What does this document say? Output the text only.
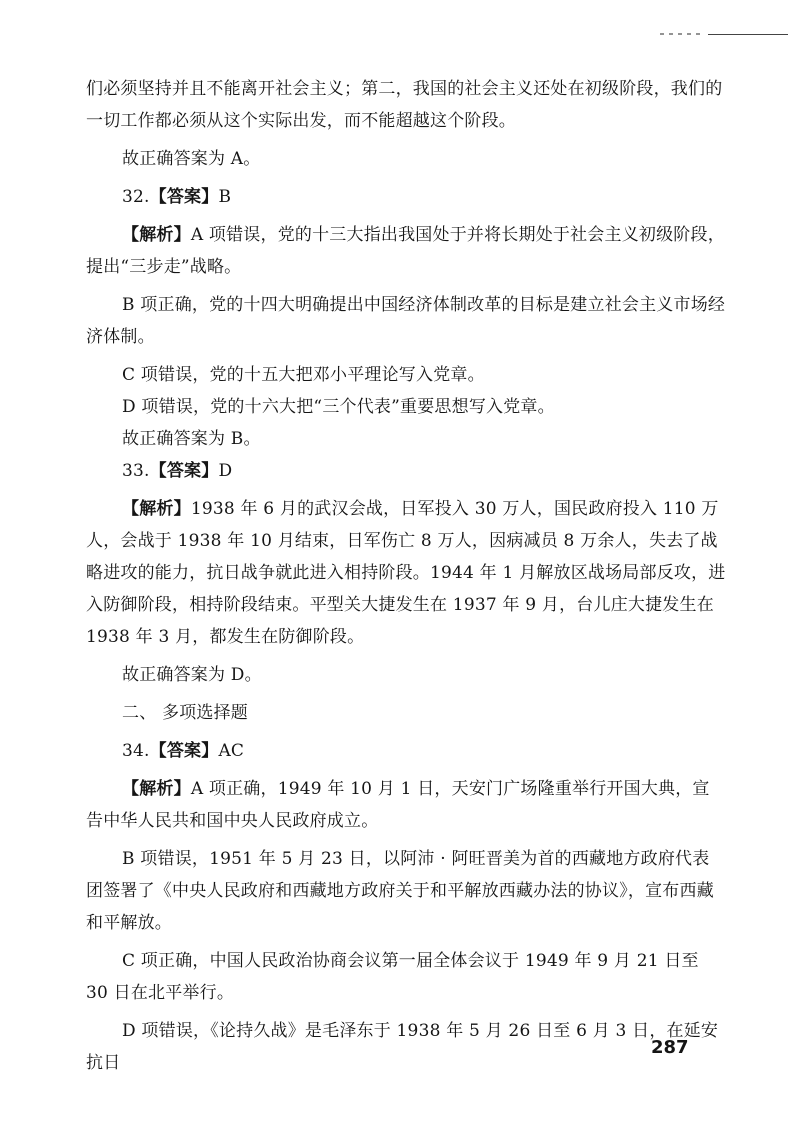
们必须坚持并且不能离开社会主义；第二，我国的社会主义还处在初级阶段，我们的一切工作都必须从这个实际出发，而不能超越这个阶段。

故正确答案为 A。

32.【答案】B

【解析】A 项错误，党的十三大指出我国处于并将长期处于社会主义初级阶段，提出“三步走”战略。

B 项正确，党的十四大明确提出中国经济体制改革的目标是建立社会主义市场经济体制。

C 项错误，党的十五大把邓小平理论写入党章。

D 项错误，党的十六大把“三个代表”重要思想写入党章。

故正确答案为 B。

33.【答案】D

【解析】1938 年 6 月的武汉会战，日军投入 30 万人，国民政府投入 110 万人，会战于 1938 年 10 月结束，日军伤亡 8 万人，因病减员 8 万余人，失去了战略进攻的能力，抗日战争就此进入相持阶段。1944 年 1 月解放区战场局部反攻，进入防御阶段，相持阶段结束。平型关大捷发生在 1937 年 9 月，台儿庄大捷发生在 1938 年 3 月，都发生在防御阶段。

故正确答案为 D。

二、 多项选择题

34.【答案】AC

【解析】A 项正确，1949 年 10 月 1 日，天安门广场隆重举行开国大典，宣告中华人民共和国中央人民政府成立。

B 项错误，1951 年 5 月 23 日，以阿沛 · 阿旺晋美为首的西藏地方政府代表团签署了《中央人民政府和西藏地方政府关于和平解放西藏办法的协议》，宣布西藏和平解放。

C 项正确，中国人民政治协商会议第一届全体会议于 1949 年 9 月 21 日至 30 日在北平举行。

D 项错误，《论持久战》是毛泽东于 1938 年 5 月 26 日至 6 月 3 日，在延安抗日

287
